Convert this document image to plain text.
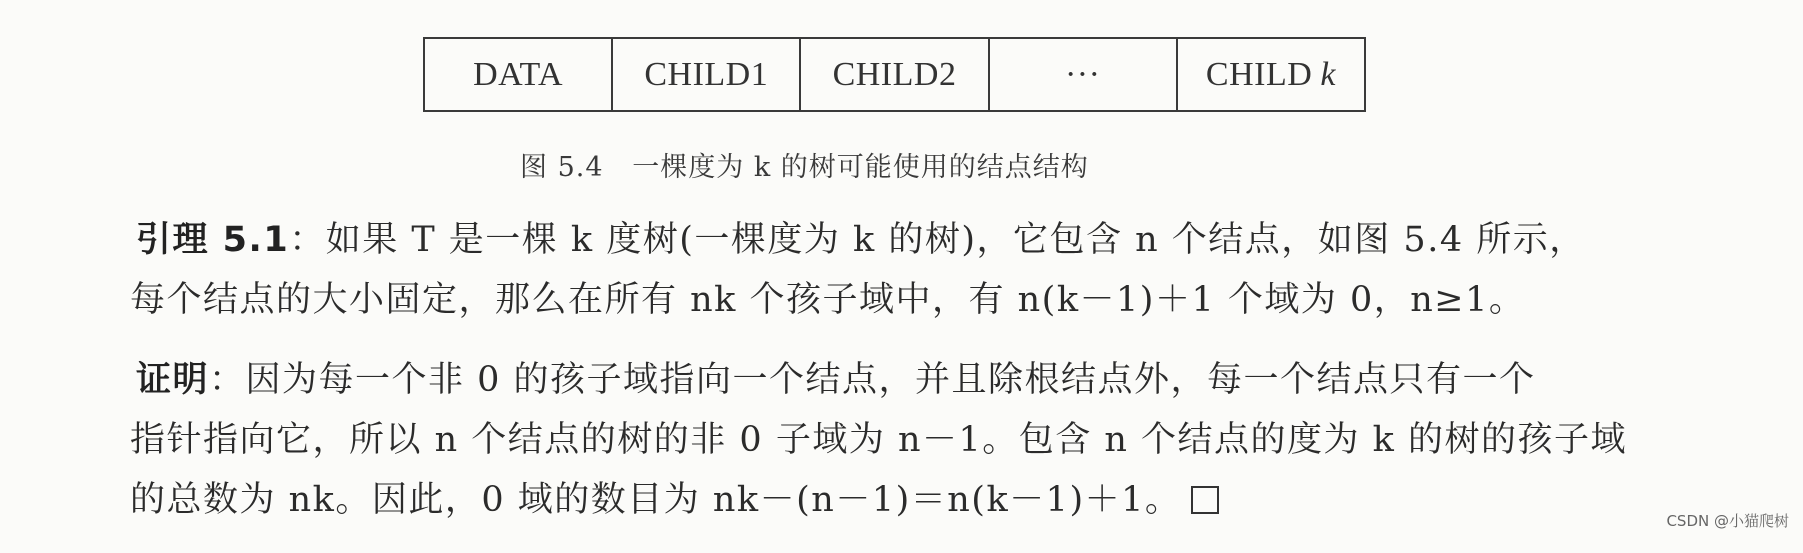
DATA CHILD1 CHILD2	···	CHILD k
图 5.4   一棵度为 k 的树可能使用的结点结构
引理 5.1：如果 T 是一棵 k 度树(一棵度为 k 的树)，它包含 n 个结点，如图 5.4 所示，
每个结点的大小固定，那么在所有 nk 个孩子域中，有 n(k－1)＋1 个域为 0，n≥1。
证明：因为每一个非 0 的孩子域指向一个结点，并且除根结点外，每一个结点只有一个
指针指向它，所以 n 个结点的树的非 0 子域为 n－1。包含 n 个结点的度为 k 的树的孩子域
的总数为 nk。因此，0 域的数目为 nk－(n－1)＝n(k－1)＋1。
CSDN @小猫爬树
